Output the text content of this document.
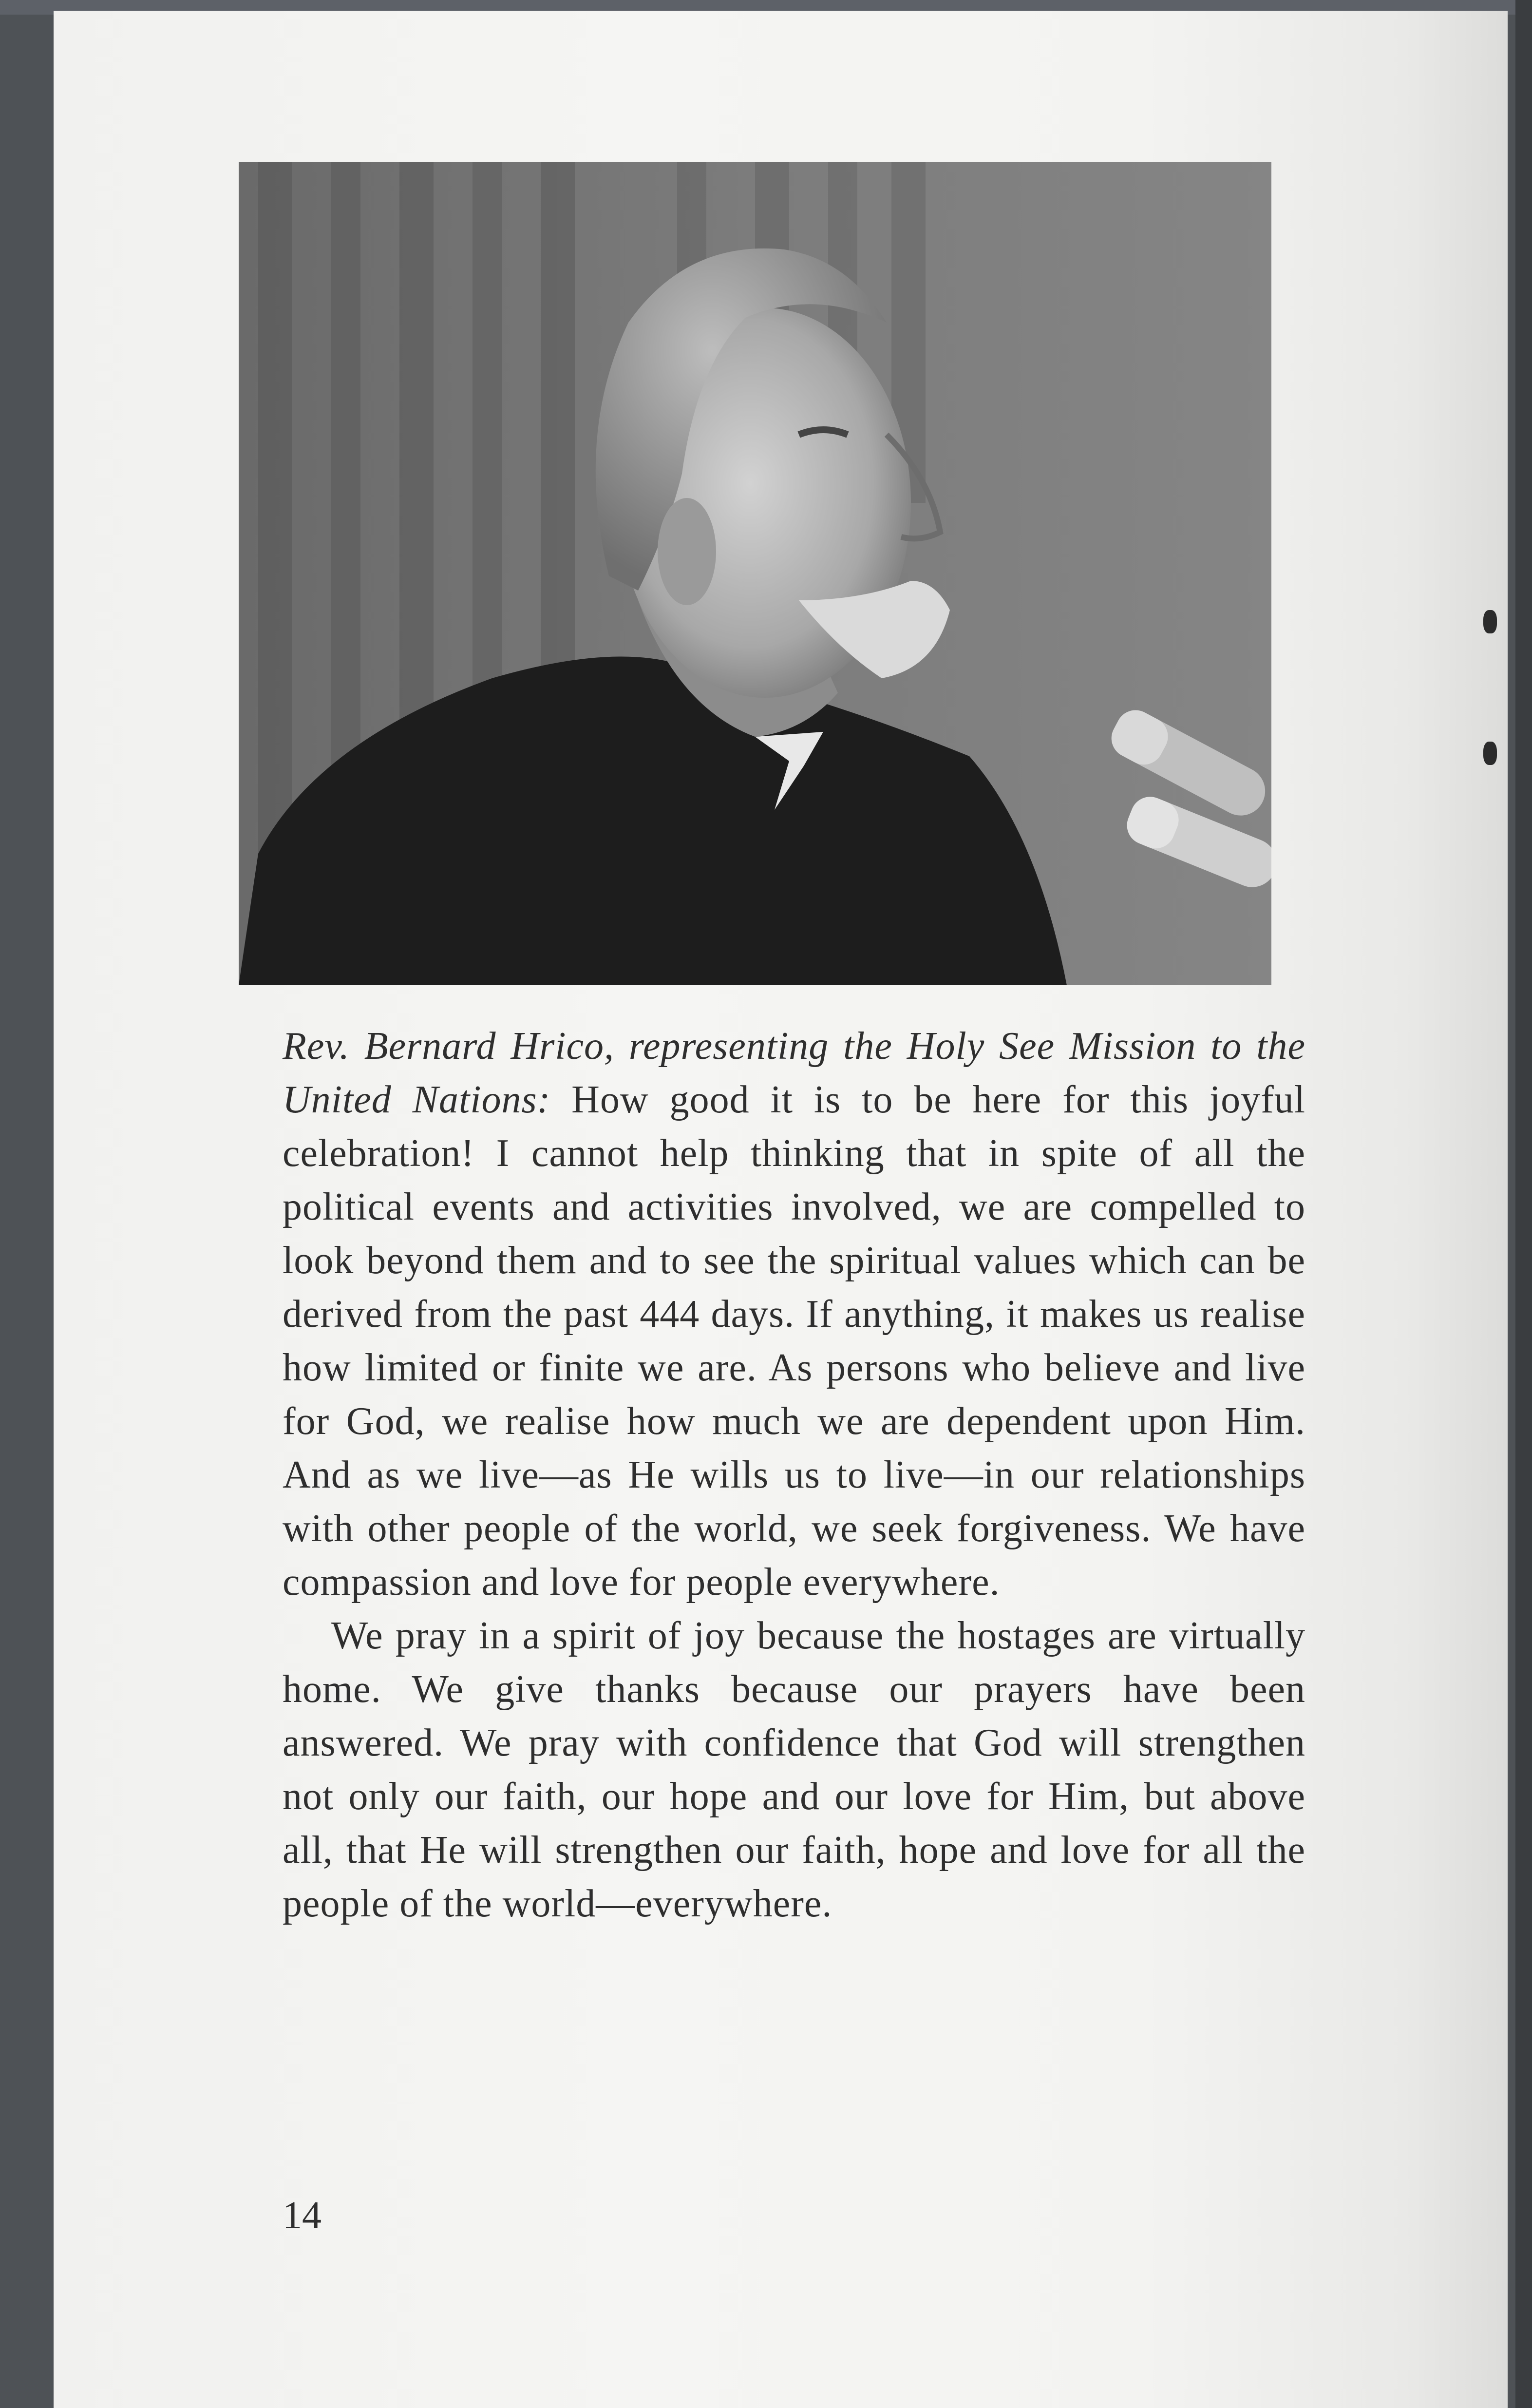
Rev. Bernard Hrico, representing the Holy See Mission to the United Nations: How good it is to be here for this joyful celebration! I cannot help thinking that in spite of all the political events and activities involved, we are compelled to look beyond them and to see the spiritual values which can be derived from the past 444 days. If anything, it makes us realise how limited or finite we are. As persons who believe and live for God, we realise how much we are dependent upon Him. And as we live—as He wills us to live—in our relationships with other people of the world, we seek forgiveness. We have compassion and love for people everywhere.

We pray in a spirit of joy because the hostages are virtually home. We give thanks because our prayers have been answered. We pray with confidence that God will strengthen not only our faith, our hope and our love for Him, but above all, that He will strengthen our faith, hope and love for all the people of the world—everywhere.

14
